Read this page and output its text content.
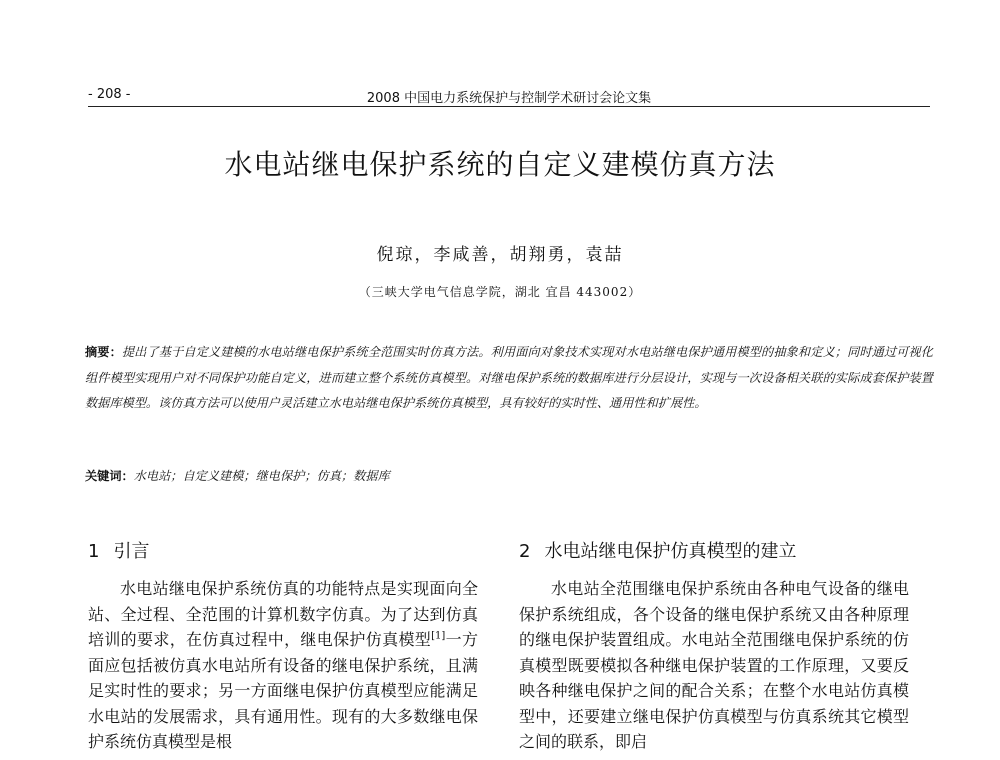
- 208 -	2008 中国电力系统保护与控制学术研讨会论文集
水电站继电保护系统的自定义建模仿真方法
倪琼，李咸善，胡翔勇，袁喆
（三峡大学电气信息学院，湖北 宜昌 443002）
摘要：提出了基于自定义建模的水电站继电保护系统全范围实时仿真方法。利用面向对象技术实现对水电站继电保护通用模型的抽象和定义；同时通过可视化组件模型实现用户对不同保护功能自定义，进而建立整个系统仿真模型。对继电保护系统的数据库进行分层设计，实现与一次设备相关联的实际成套保护装置数据库模型。该仿真方法可以使用户灵活建立水电站继电保护系统仿真模型，具有较好的实时性、通用性和扩展性。
关键词：水电站；自定义建模；继电保护；仿真；数据库
1 引言	2 水电站继电保护仿真模型的建立
水电站继电保护系统仿真的功能特点是实现面向全站、全过程、全范围的计算机数字仿真。为了达到仿真培训的要求，在仿真过程中，继电保护仿真模型[1]一方面应包括被仿真水电站所有设备的继电保护系统，且满足实时性的要求；另一方面继电保护仿真模型应能满足水电站的发展需求，具有通用性。现有的大多数继电保护系统仿真模型是根
水电站全范围继电保护系统由各种电气设备的继电保护系统组成，各个设备的继电保护系统又由各种原理的继电保护装置组成。水电站全范围继电保护系统的仿真模型既要模拟各种继电保护装置的工作原理，又要反映各种继电保护之间的配合关系；在整个水电站仿真模型中，还要建立继电保护仿真模型与仿真系统其它模型之间的联系，即启
